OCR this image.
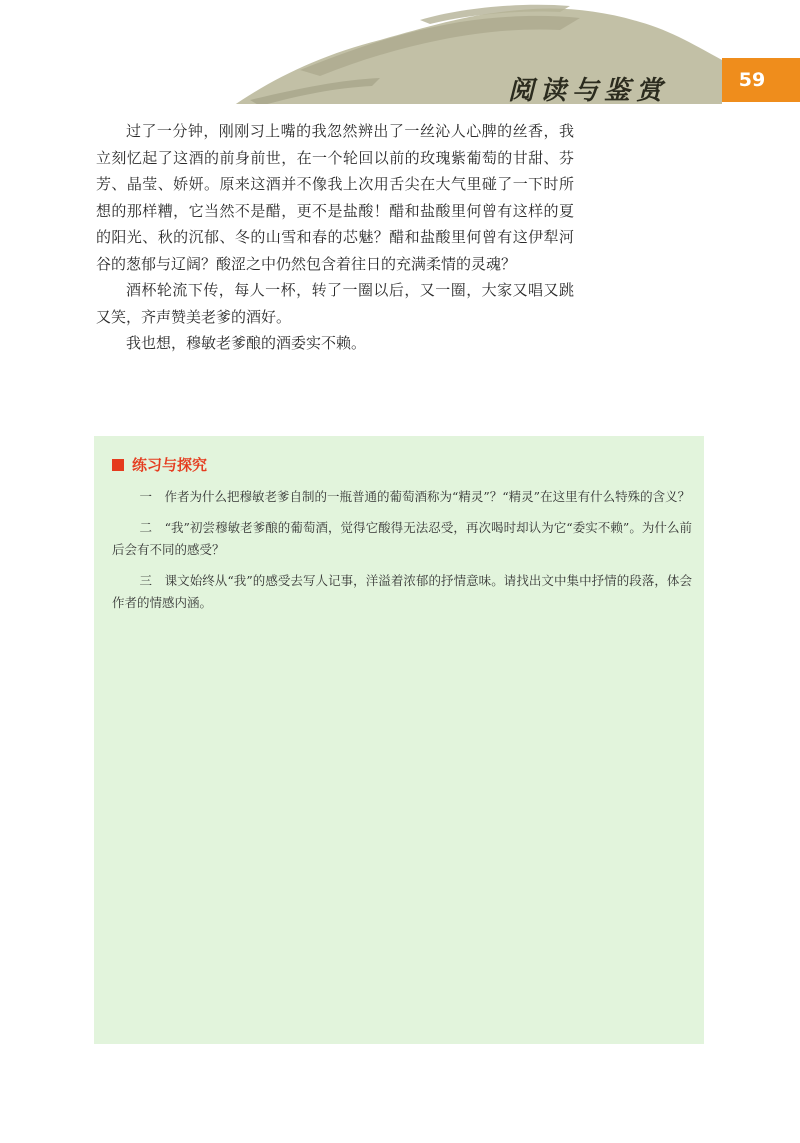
阅读与鉴赏	59

过了一分钟，刚刚习上嘴的我忽然辨出了一丝沁人心脾的丝香，我立刻忆起了这酒的前身前世，在一个轮回以前的玫瑰紫葡萄的甘甜、芬芳、晶莹、娇妍。原来这酒并不像我上次用舌尖在大气里碰了一下时所想的那样糟，它当然不是醋，更不是盐酸！醋和盐酸里何曾有这样的夏的阳光、秋的沉郁、冬的山雪和春的芯魅？醋和盐酸里何曾有这伊犁河谷的葱郁与辽阔？酸涩之中仍然包含着往日的充满柔情的灵魂？

酒杯轮流下传，每人一杯，转了一圈以后，又一圈，大家又唱又跳又笑，齐声赞美老爹的酒好。

我也想，穆敏老爹酿的酒委实不赖。

练习与探究

一　作者为什么把穆敏老爹自制的一瓶普通的葡萄酒称为“精灵”？“精灵”在这里有什么特殊的含义？

二　“我”初尝穆敏老爹酿的葡萄酒，觉得它酸得无法忍受，再次喝时却认为它“委实不赖”。为什么前后会有不同的感受？

三　课文始终从“我”的感受去写人记事，洋溢着浓郁的抒情意味。请找出文中集中抒情的段落，体会作者的情感内涵。
